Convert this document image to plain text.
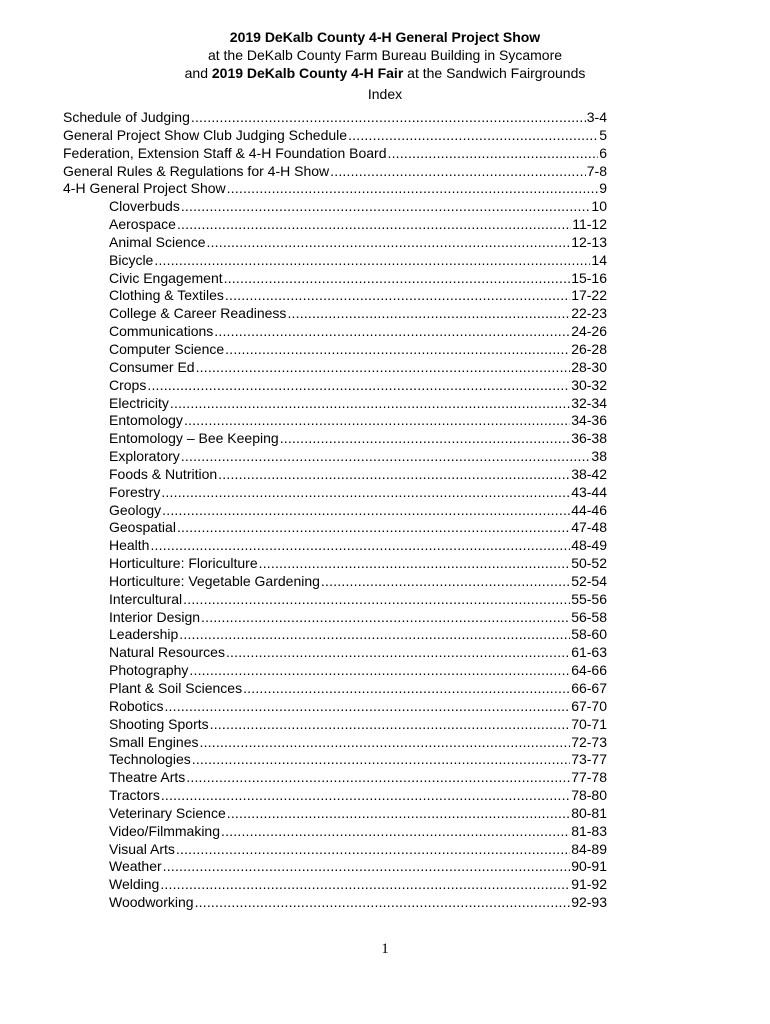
2019 DeKalb County 4-H General Project Show
at the DeKalb County Farm Bureau Building in Sycamore
and 2019 DeKalb County 4-H Fair at the Sandwich Fairgrounds
Index
Schedule of Judging .....	3-4
General Project Show Club Judging Schedule .....	5
Federation, Extension Staff & 4-H Foundation Board .....	6
General Rules & Regulations for 4-H Show .....	7-8
4-H General Project Show .....	9
Cloverbuds .....	10
Aerospace .....	11-12
Animal Science .....	12-13
Bicycle .....	14
Civic Engagement .....	15-16
Clothing & Textiles .....	17-22
College & Career Readiness .....	22-23
Communications .....	24-26
Computer Science .....	26-28
Consumer Ed .....	28-30
Crops .....	30-32
Electricity .....	32-34
Entomology .....	34-36
Entomology – Bee Keeping .....	36-38
Exploratory .....	38
Foods & Nutrition .....	38-42
Forestry .....	43-44
Geology .....	44-46
Geospatial .....	47-48
Health .....	48-49
Horticulture: Floriculture .....	50-52
Horticulture: Vegetable Gardening .....	52-54
Intercultural .....	55-56
Interior Design .....	56-58
Leadership .....	58-60
Natural Resources .....	61-63
Photography .....	64-66
Plant & Soil Sciences .....	66-67
Robotics .....	67-70
Shooting Sports .....	70-71
Small Engines .....	72-73
Technologies .....	73-77
Theatre Arts .....	77-78
Tractors .....	78-80
Veterinary Science .....	80-81
Video/Filmmaking .....	81-83
Visual Arts .....	84-89
Weather .....	90-91
Welding .....	91-92
Woodworking .....	92-93
1
